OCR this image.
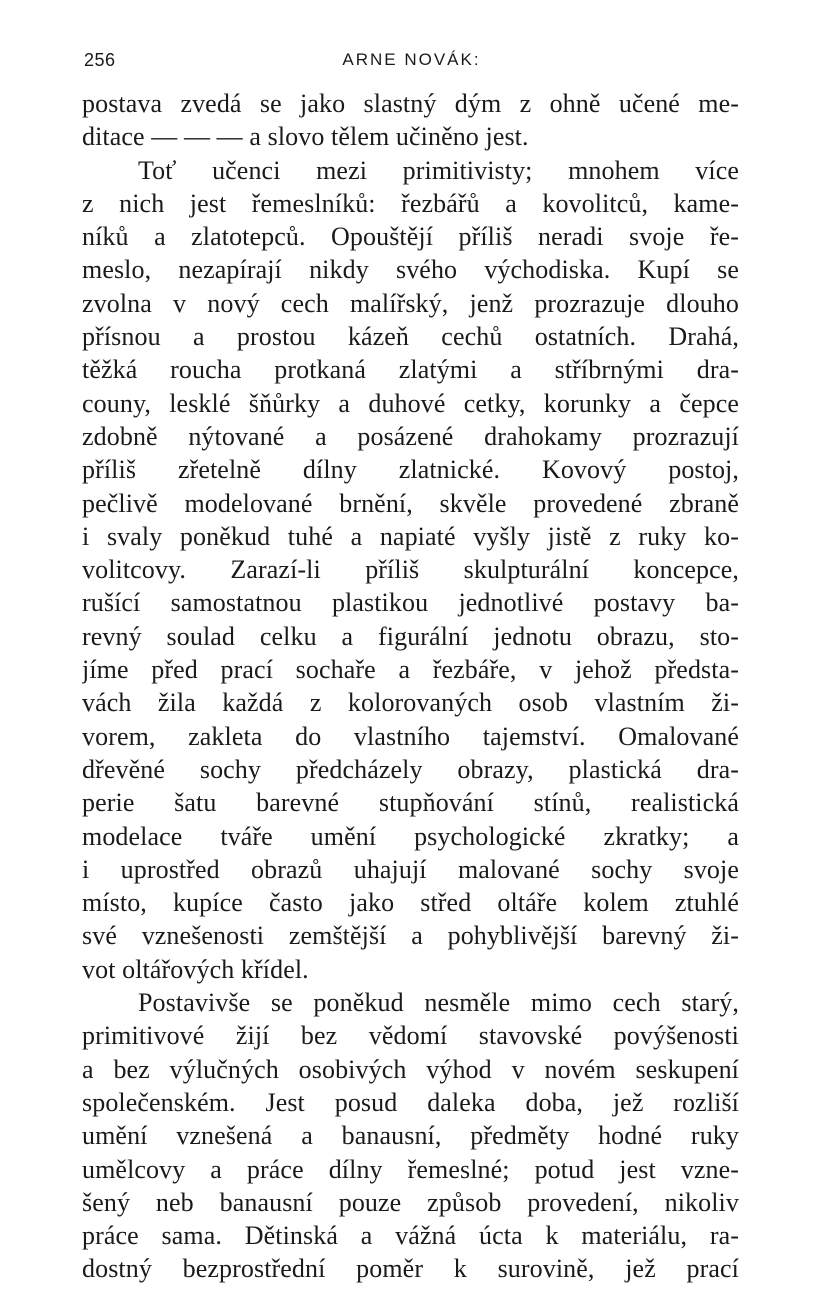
256	ARNE NOVÁK:
postava zvedá se jako slastný dým z ohně učené me-
ditace — — — a slovo tělem učiněno jest.
Toť učenci mezi primitivisty; mnohem více
z nich jest řemeslníků: řezbářů a kovolitců, kame-
níků a zlatotepců. Opouštějí příliš neradi svoje ře-
meslo, nezapírají nikdy svého východiska. Kupí se
zvolna v nový cech malířský, jenž prozrazuje dlouho
přísnou a prostou kázeň cechů ostatních. Drahá,
těžká roucha protkaná zlatými a stříbrnými dra-
couny, lesklé šňůrky a duhové cetky, korunky a čepce
zdobně nýtované a posázené drahokamy prozrazují
příliš zřetelně dílny zlatnické. Kovový postoj,
pečlivě modelované brnění, skvěle provedené zbraně
i svaly poněkud tuhé a napiaté vyšly jistě z ruky ko-
volitcovy. Zarazí-li příliš skulpturální koncepce,
rušící samostatnou plastikou jednotlivé postavy ba-
revný soulad celku a figurální jednotu obrazu, sto-
jíme před prací sochaře a řezbáře, v jehož předsta-
vách žila každá z kolorovaných osob vlastním ži-
vorem, zakleta do vlastního tajemství. Omalované
dřevěné sochy předcházely obrazy, plastická dra-
perie šatu barevné stupňování stínů, realistická
modelace tváře umění psychologické zkratky; a
i uprostřed obrazů uhajují malované sochy svoje
místo, kupíce často jako střed oltáře kolem ztuhlé
své vznešenosti zemštější a pohyblivější barevný ži-
vot oltářových křídel.
Postavivše se poněkud nesměle mimo cech starý,
primitivové žijí bez vědomí stavovské povýšenosti
a bez výlučných osobivých výhod v novém seskupení
společenském. Jest posud daleka doba, jež rozliší
umění vznešená a banausní, předměty hodné ruky
umělcovy a práce dílny řemeslné; potud jest vzne-
šený neb banausní pouze způsob provedení, nikoliv
práce sama. Dětinská a vážná úcta k materiálu, ra-
dostný bezprostřední poměr k surovině, jež prací
